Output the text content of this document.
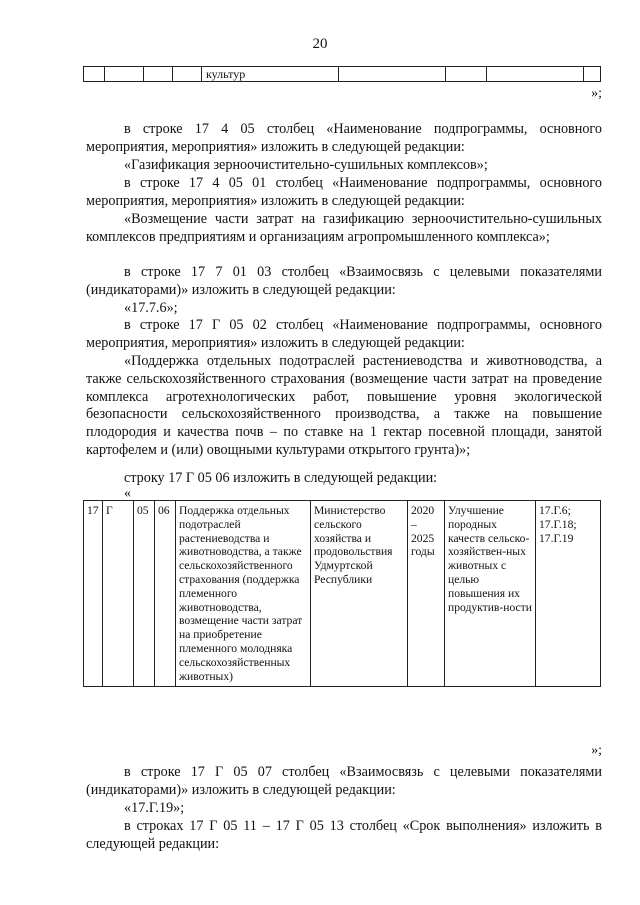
20
				культур				
»;

в строке 17 4 05 столбец «Наименование подпрограммы, основного мероприятия, мероприятия» изложить в следующей редакции:

«Газификация зерноочистительно-сушильных комплексов»;

в строке 17 4 05 01 столбец «Наименование подпрограммы, основного мероприятия, мероприятия» изложить в следующей редакции:

«Возмещение части затрат на газификацию зерноочистительно-сушильных комплексов предприятиям и организациям агропромышленного комплекса»;

в строке 17 7 01 03 столбец «Взаимосвязь с целевыми показателями (индикаторами)» изложить в следующей редакции:

«17.7.6»;

в строке 17 Г 05 02 столбец «Наименование подпрограммы, основного мероприятия, мероприятия» изложить в следующей редакции:

«Поддержка отдельных подотраслей растениеводства и животноводства, а также сельскохозяйственного страхования (возмещение части затрат на проведение комплекса агротехнологических работ, повышение уровня экологической безопасности сельскохозяйственного производства, а также на повышение плодородия и качества почв – по ставке на 1 гектар посевной площади, занятой картофелем и (или) овощными культурами открытого грунта)»;

строку 17 Г 05 06 изложить в следующей редакции:

«
17	Г	05	06	Поддержка отдельных подотраслей растениеводства и животноводства, а также сельскохозяйственного страхования (поддержка племенного животноводства, возмещение части затрат на приобретение племенного молодняка сельскохозяйственных животных)	Министерство сельского хозяйства и продовольствия Удмуртской Республики	2020 – 2025 годы	Улучшение породных качеств сельско-хозяйствен-ных животных с целью повышения их продуктив-ности	17.Г.6; 17.Г.18; 17.Г.19
»;

в строке 17 Г 05 07 столбец «Взаимосвязь с целевыми показателями (индикаторами)» изложить в следующей редакции:

«17.Г.19»;

в строках 17 Г 05 11 – 17 Г 05 13 столбец «Срок выполнения» изложить в следующей редакции:
